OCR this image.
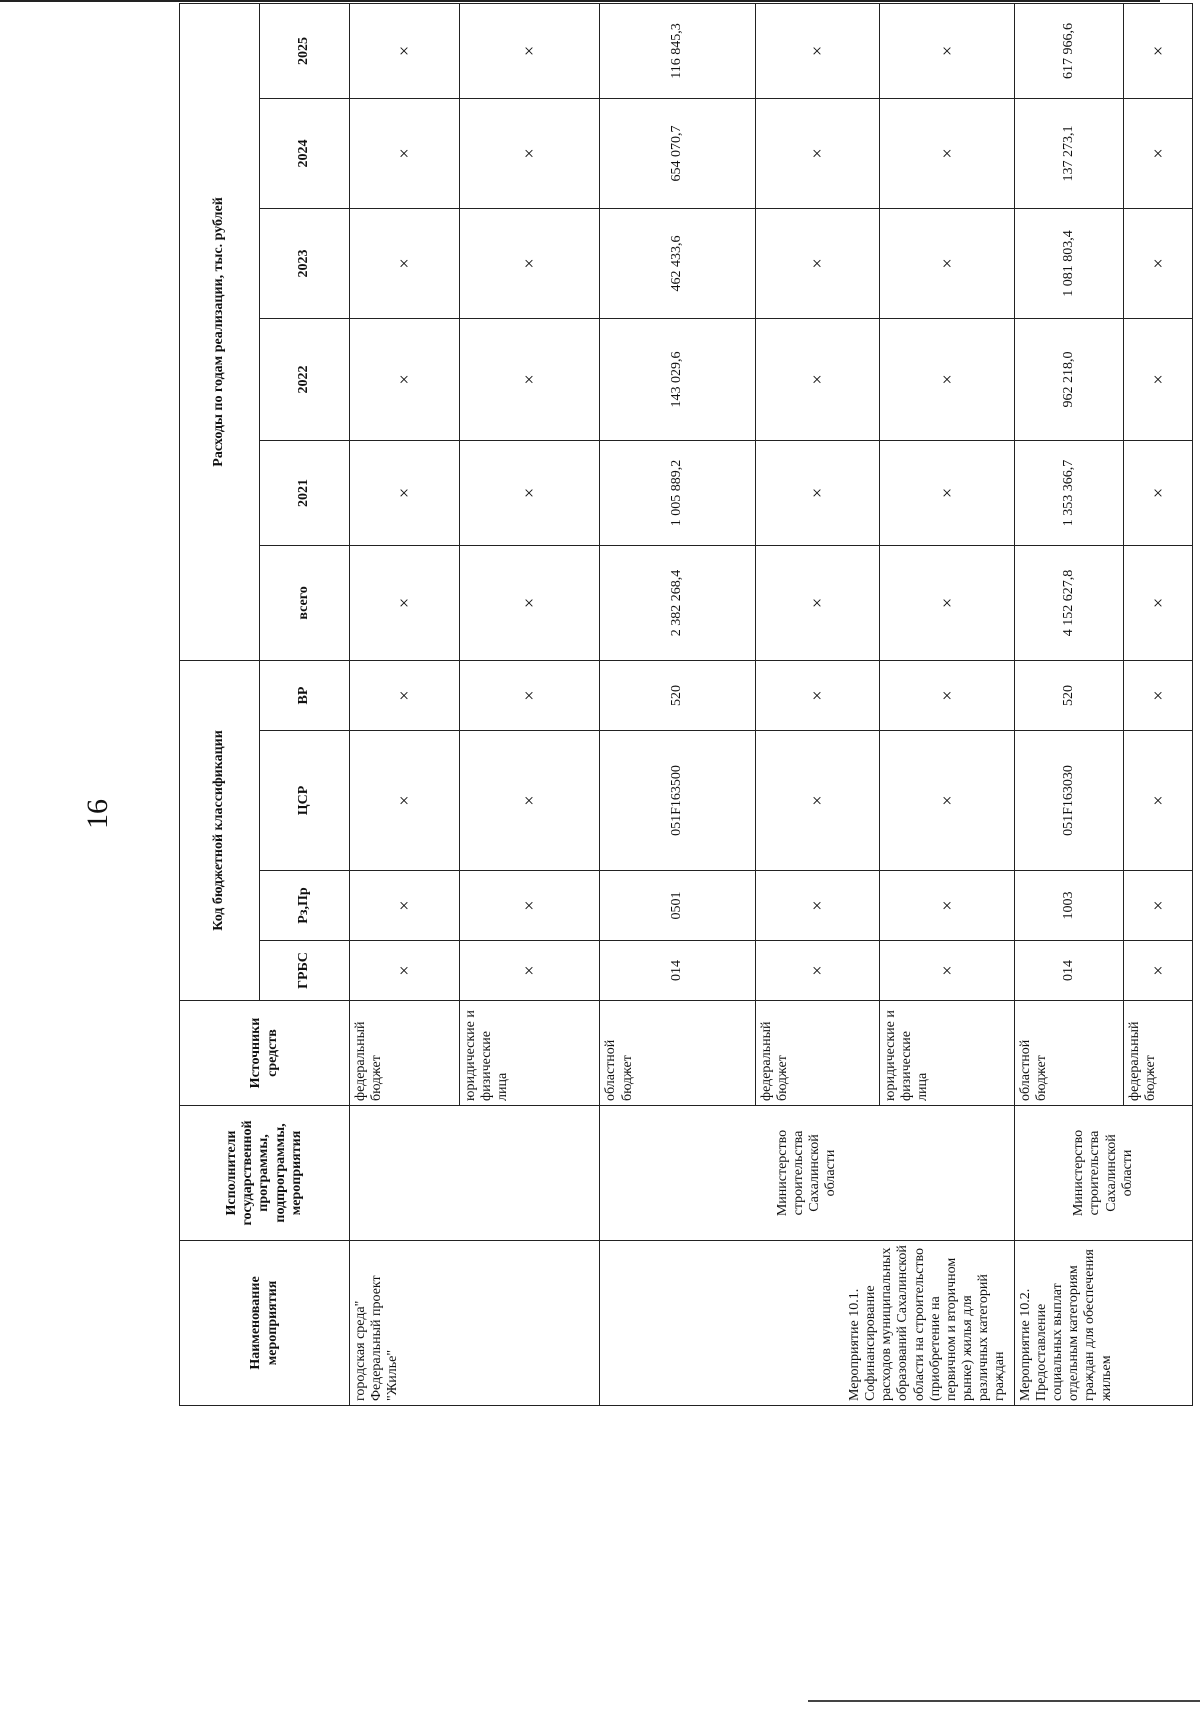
16
Наименование мероприятия	Исполнители государственной программы, подпрограммы, мероприятия	Источники средств	Код бюджетной классификации				Расходы по годам реализации, тыс. рублей					
			ГРБС	Рз,Пр	ЦСР	ВР	всего	2021	2022	2023	2024	2025
городская среда" Федеральный проект "Жилье"		федеральный бюджет	×	×	×	×	×	×	×	×	×	×
		юридические и физические лица	×	×	×	×	×	×	×	×	×	×
Мероприятие 10.1. Софинансирование расходов муниципальных образований Сахалинской области на строительство (приобретение на первичном и вторичном рынке) жилья для различных категорий граждан	Министерство строительства Сахалинской области	областной бюджет	014	0501	051F163500	520	2 382 268,4	1 005 889,2	143 029,6	462 433,6	654 070,7	116 845,3
		федеральный бюджет	×	×	×	×	×	×	×	×	×	×
		юридические и физические лица	×	×	×	×	×	×	×	×	×	×
Мероприятие 10.2. Предоставление социальных выплат отдельным категориям граждан для обеспечения жильем	Министерство строительства Сахалинской области	областной бюджет	014	1003	051F163030	520	4 152 627,8	1 353 366,7	962 218,0	1 081 803,4	137 273,1	617 966,6
		федеральный бюджет	×	×	×	×	×	×	×	×	×	×
